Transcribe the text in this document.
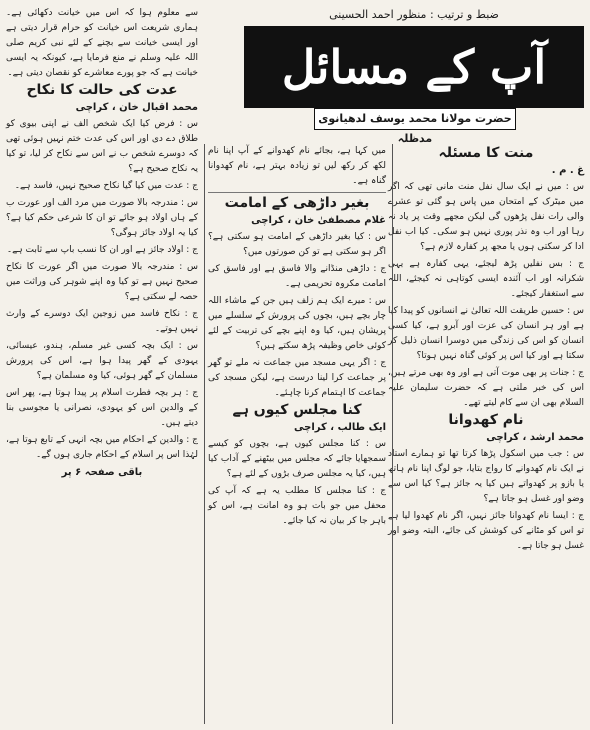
ضبط و ترتیب : منظور احمد الحسینی
آپ کے مسائل
حضرت مولانا محمد یوسف لدھیانوی مدظلہ
منت کا مسئلہ

غ . م .

س : میں نے ایک سال نفل منت مانی تھی کہ اگر میں میٹرک کے امتحان میں پاس ہو گئی تو عشرے والی رات نفل پڑھوں گی لیکن مجھے وقت پر یاد نہ رہا اور اب وہ نذر پوری نہیں ہو سکی۔ کیا اب نفل ادا کر سکتی ہوں یا مجھ پر کفارہ لازم ہے؟

ج : بس نفلیں پڑھ لیجئے، یہی کفارہ ہے یہی شکرانہ اور اب آئندہ ایسی کوتاہی نہ کیجئے، اللہ سے استغفار کیجئے۔

س : حسین طریقت اللہ تعالیٰ نے انسانوں کو پیدا کیا ہے اور ہر انسان کی عزت اور آبرو ہے، کیا کسی انسان کو اس کی زندگی میں دوسرا انسان ذلیل کر سکتا ہے اور کیا اس پر کوئی گناہ نہیں ہوتا؟

ج : جنات پر بھی موت آتی ہے اور وہ بھی مرتے ہیں، اس کی خبر ملتی ہے کہ حضرت سلیمان علیہ السلام بھی ان سے کام لیتے تھے۔

نام کھدوانا

محمد ارشد ، کراچی

س : جب میں اسکول پڑھا کرتا تھا تو ہمارے استاد نے ایک نام کھدوانے کا رواج بتایا، جو لوگ اپنا نام ہاتھ یا بازو پر کھدواتے ہیں کیا یہ جائز ہے؟ کیا اس سے وضو اور غسل ہو جاتا ہے؟

ج : ایسا نام کھدوانا جائز نہیں، اگر نام کھدوا لیا ہے تو اس کو مٹانے کی کوشش کی جائے، البتہ وضو اور غسل ہو جاتا ہے۔

میں کہا ہے، بجائے نام کھدوانے کے آپ اپنا نام لکھ کر رکھ لیں تو زیادہ بہتر ہے، نام کھدوانا گناہ ہے۔

بغیر داڑھی کے امامت

غلام مصطفیٰ خان ، کراچی

س : کیا بغیر داڑھی کے امامت ہو سکتی ہے؟ اگر ہو سکتی ہے تو کن صورتوں میں؟

ج : داڑھی منڈانے والا فاسق ہے اور فاسق کی امامت مکروہ تحریمی ہے۔

س : میرے ایک ہم زلف ہیں جن کے ماشاء اللہ چار بچے ہیں، بچوں کی پرورش کے سلسلے میں پریشان ہیں، کیا وہ اپنے بچے کی تربیت کے لئے کوئی خاص وظیفہ پڑھ سکتے ہیں؟

ج : اگر یہی مسجد میں جماعت نہ ملے تو گھر پر جماعت کرا لینا درست ہے، لیکن مسجد کی جماعت کا اہتمام کرنا چاہئے۔

کنا مجلس کیوں ہے

ایک طالب ، کراچی

س : کنا مجلس کیوں ہے، بچوں کو کیسے سمجھایا جائے کہ مجلس میں بیٹھنے کے آداب کیا ہیں، کیا یہ مجلس صرف بڑوں کے لئے ہے؟

ج : کنا مجلس کا مطلب یہ ہے کہ آپ کی محفل میں جو بات ہو وہ امانت ہے، اس کو باہر جا کر بیان نہ کیا جائے۔

سے معلوم ہوا کہ اس میں خیانت دکھائی ہے۔ ہماری شریعت اس خیانت کو حرام قرار دیتی ہے اور ایسی خیانت سے بچنے کے لئے نبی کریم صلی اللہ علیہ وسلم نے منع فرمایا ہے، کیونکہ یہ ایسی خیانت ہے کہ جو پورے معاشرے کو نقصان دیتی ہے۔

عدت کی حالت کا نکاح

محمد اقبال خان ، کراچی

س : فرض کیا ایک شخص الف نے اپنی بیوی کو طلاق دے دی اور اس کی عدت ختم نہیں ہوئی تھی کہ دوسرے شخص ب نے اس سے نکاح کر لیا، تو کیا یہ نکاح صحیح ہے؟

ج : عدت میں کیا گیا نکاح صحیح نہیں، فاسد ہے۔

س : مندرجہ بالا صورت میں مرد الف اور عورت ب کے ہاں اولاد ہو جائے تو ان کا شرعی حکم کیا ہے؟ کیا یہ اولاد جائز ہوگی؟

ج : اولاد جائز ہے اور ان کا نسب باپ سے ثابت ہے۔

س : مندرجہ بالا صورت میں اگر عورت کا نکاح صحیح نہیں ہے تو کیا وہ اپنے شوہر کی وراثت میں حصہ لے سکتی ہے؟

ج : نکاح فاسد میں زوجین ایک دوسرے کے وارث نہیں ہوتے۔

س : ایک بچہ کسی غیر مسلم، ہندو، عیسائی، یہودی کے گھر پیدا ہوا ہے، اس کی پرورش مسلمان کے گھر ہوئی، کیا وہ مسلمان ہے؟

ج : ہر بچہ فطرت اسلام پر پیدا ہوتا ہے، پھر اس کے والدین اس کو یہودی، نصرانی یا مجوسی بنا دیتے ہیں۔

ج : والدین کے احکام میں بچہ انہی کے تابع ہوتا ہے، لہٰذا اس پر اسلام کے احکام جاری ہوں گے۔

باقی صفحہ ۶ پر
